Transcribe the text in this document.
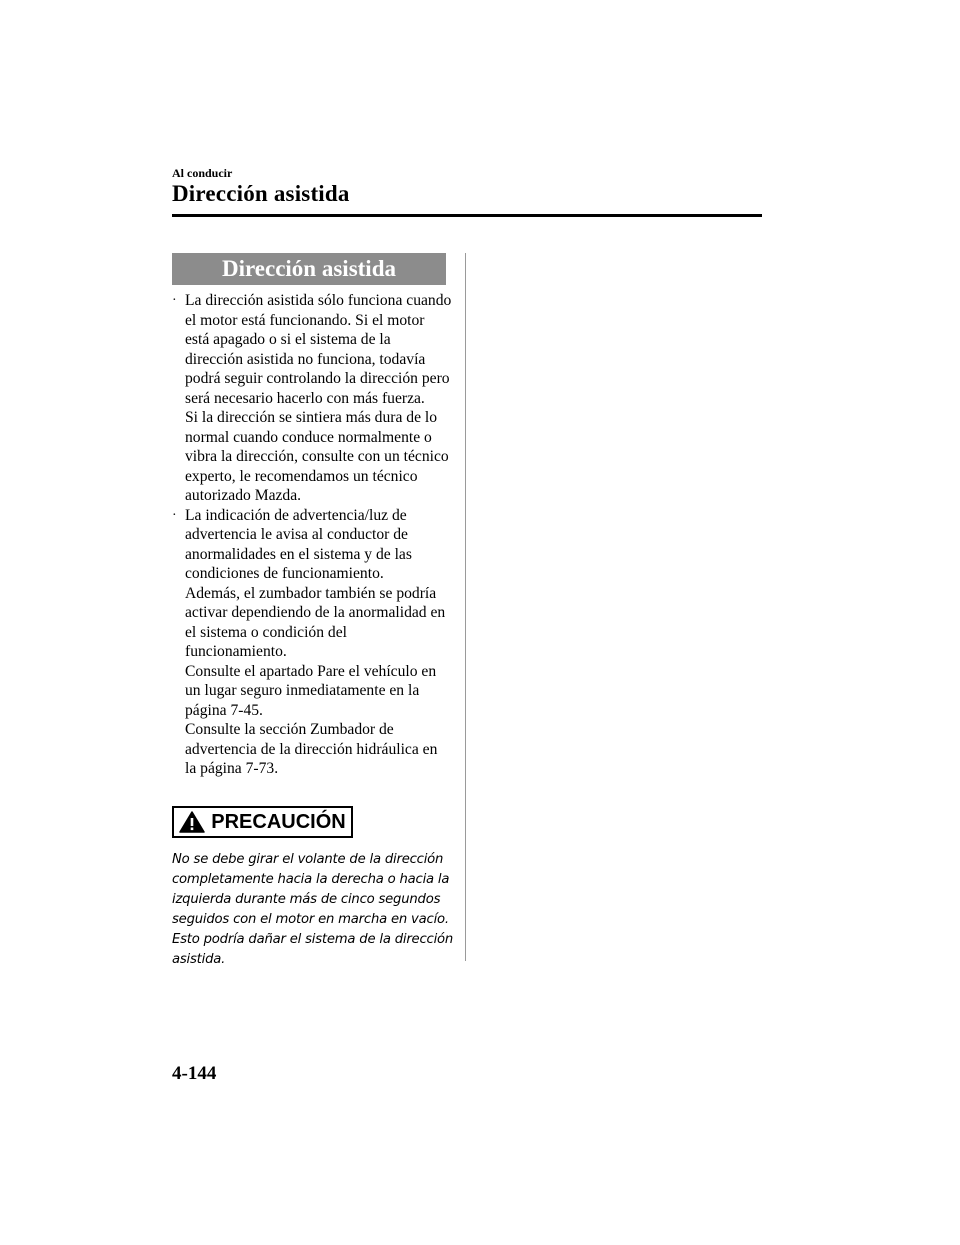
Al conducir
Dirección asistida
Dirección asistida
· La dirección asistida sólo funciona cuando el motor está funcionando. Si el motor está apagado o si el sistema de la dirección asistida no funciona, todavía podrá seguir controlando la dirección pero será necesario hacerlo con más fuerza.
Si la dirección se sintiera más dura de lo normal cuando conduce normalmente o vibra la dirección, consulte con un técnico experto, le recomendamos un técnico autorizado Mazda.
· La indicación de advertencia/luz de advertencia le avisa al conductor de anormalidades en el sistema y de las condiciones de funcionamiento.
Además, el zumbador también se podría activar dependiendo de la anormalidad en el sistema o condición del funcionamiento.
Consulte el apartado Pare el vehículo en un lugar seguro inmediatamente en la página 7-45.
Consulte la sección Zumbador de advertencia de la dirección hidráulica en la página 7-73.
PRECAUCIÓN
No se debe girar el volante de la dirección completamente hacia la derecha o hacia la izquierda durante más de cinco segundos seguidos con el motor en marcha en vacío. Esto podría dañar el sistema de la dirección asistida.
4-144
